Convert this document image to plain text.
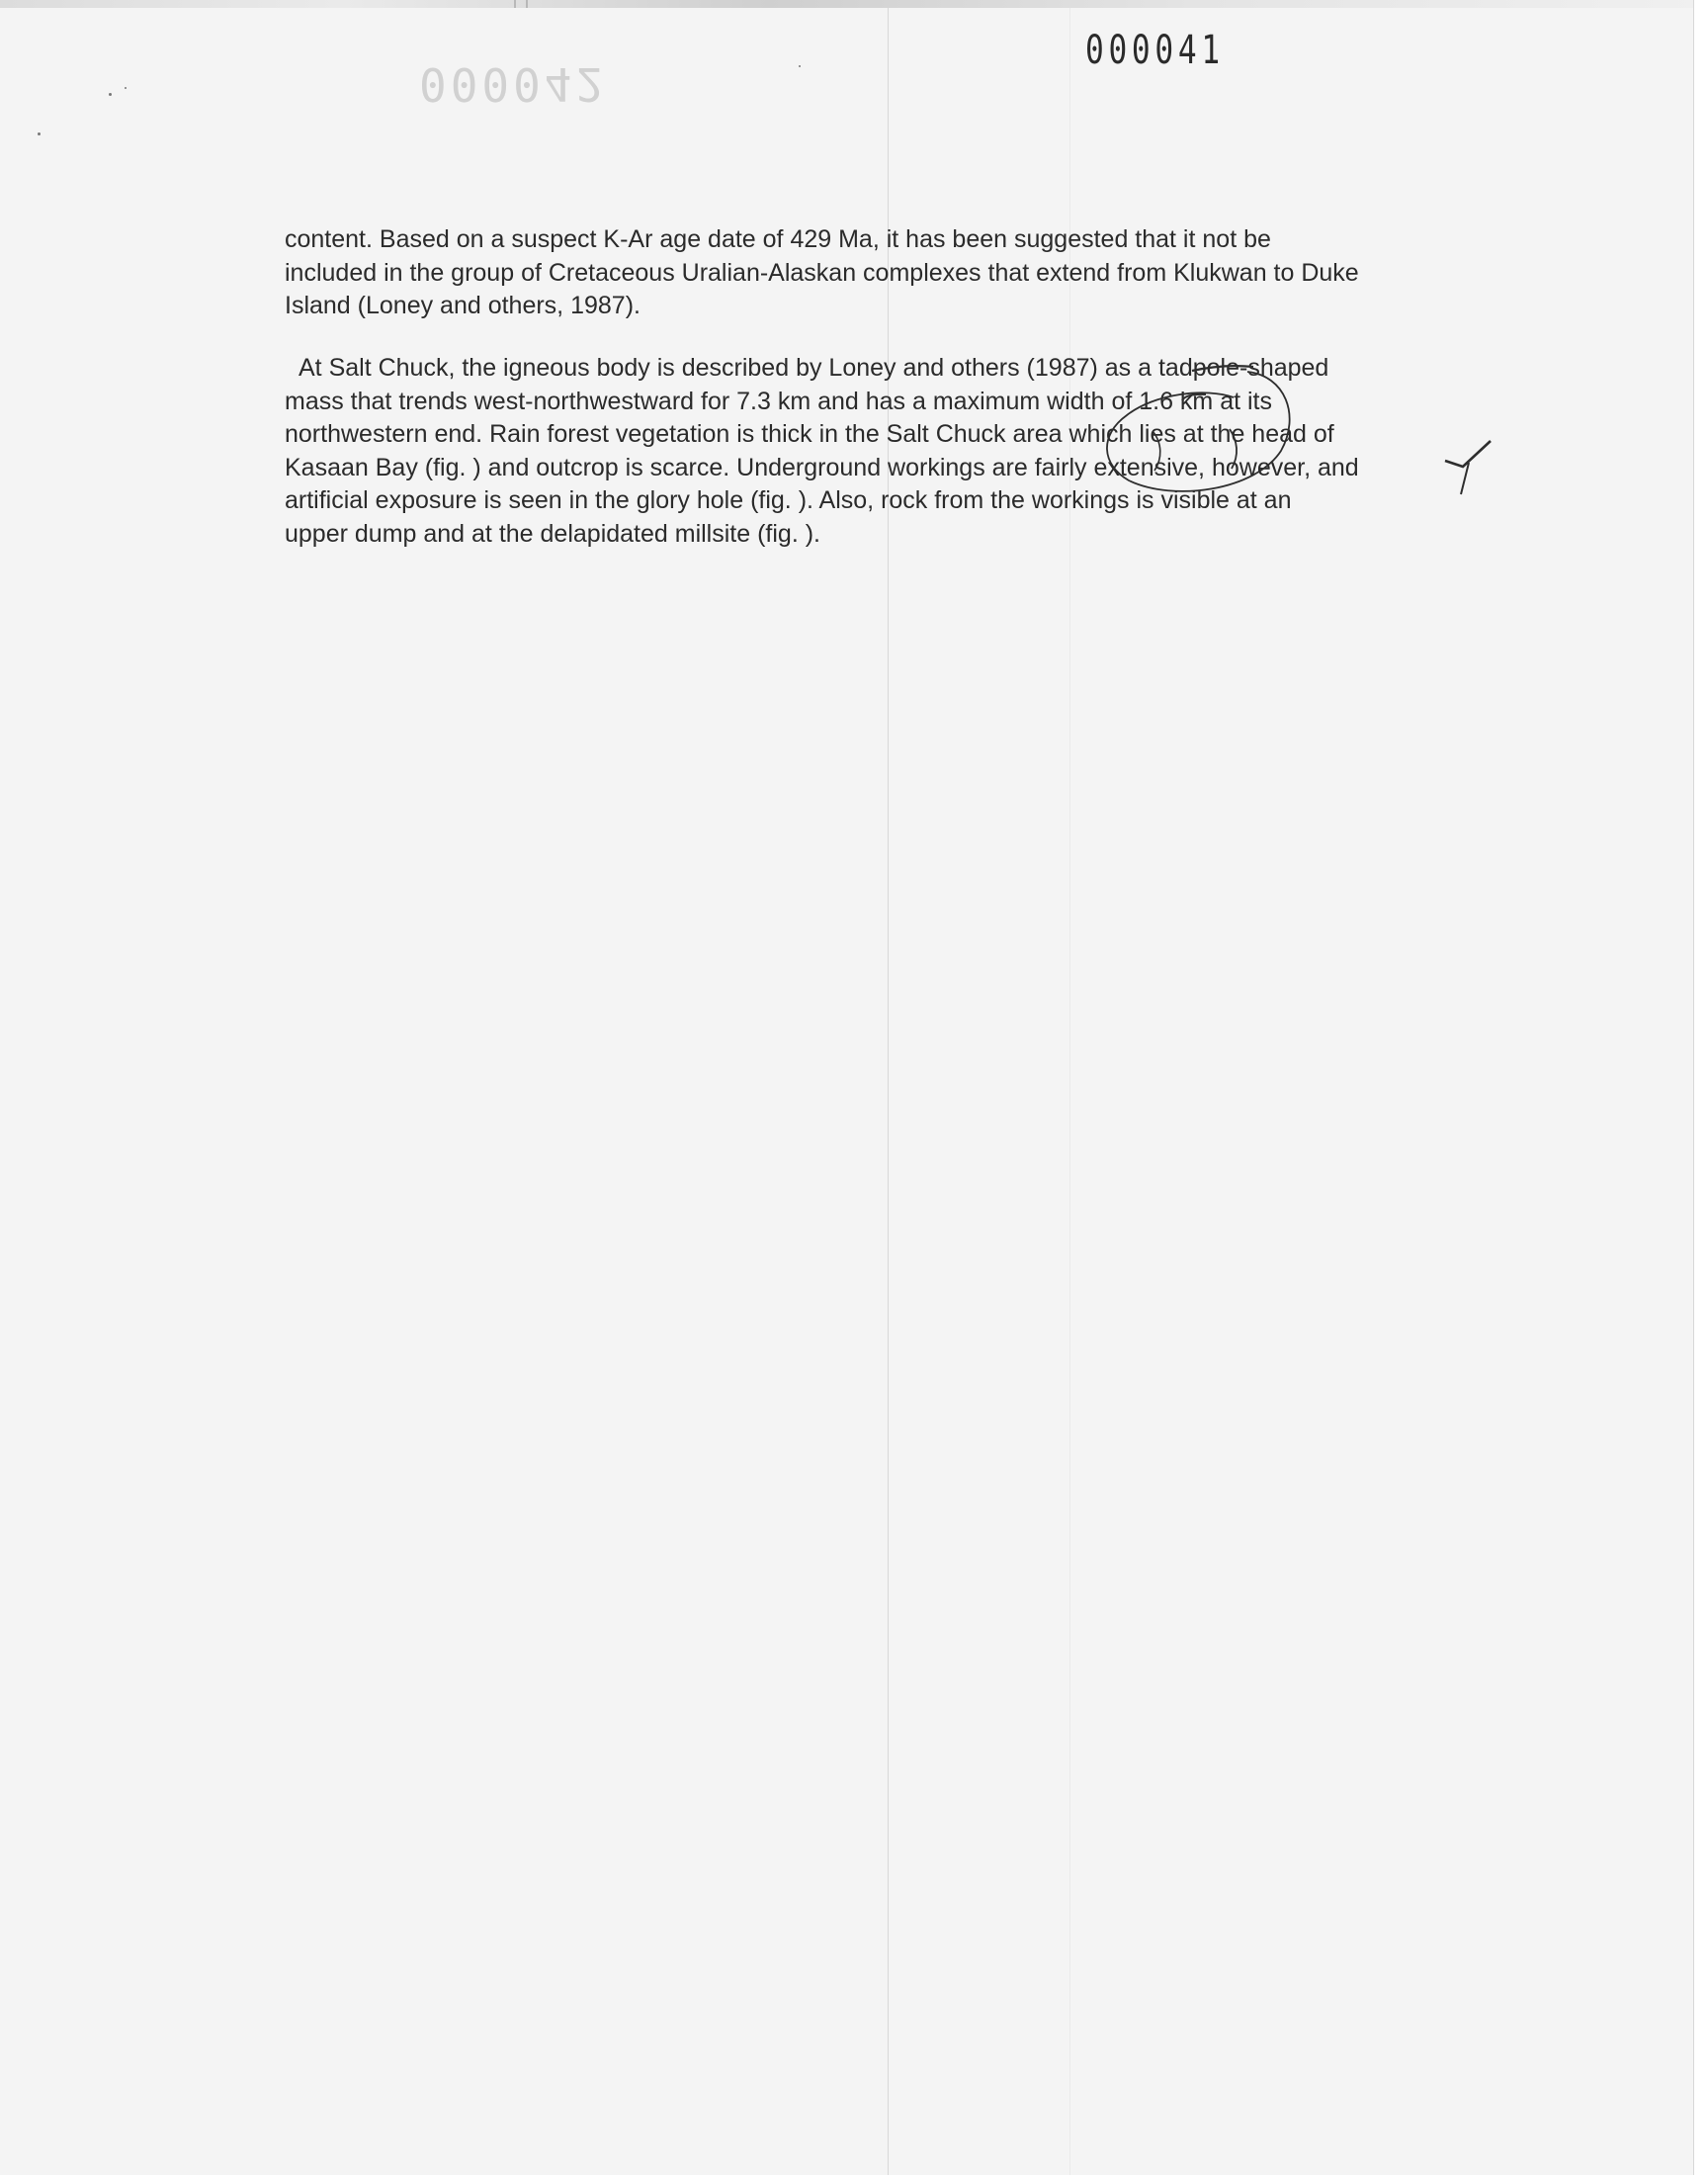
000042
000041

content. Based on a suspect K-Ar age date of 429 Ma, it has been suggested that it not be
included in the group of Cretaceous Uralian-Alaskan complexes that extend from Klukwan to Duke
Island (Loney and others, 1987).

At Salt Chuck, the igneous body is described by Loney and others (1987) as a tadpole-shaped
mass that trends west-northwestward for 7.3 km and has a maximum width of 1.6 km at its
northwestern end. Rain forest vegetation is thick in the Salt Chuck area which lies at the head of
Kasaan Bay (fig. ) and outcrop is scarce. Underground workings are fairly extensive, however, and
artificial exposure is seen in the glory hole (fig. ). Also, rock from the workings is visible at an
upper dump and at the delapidated millsite (fig. ).
